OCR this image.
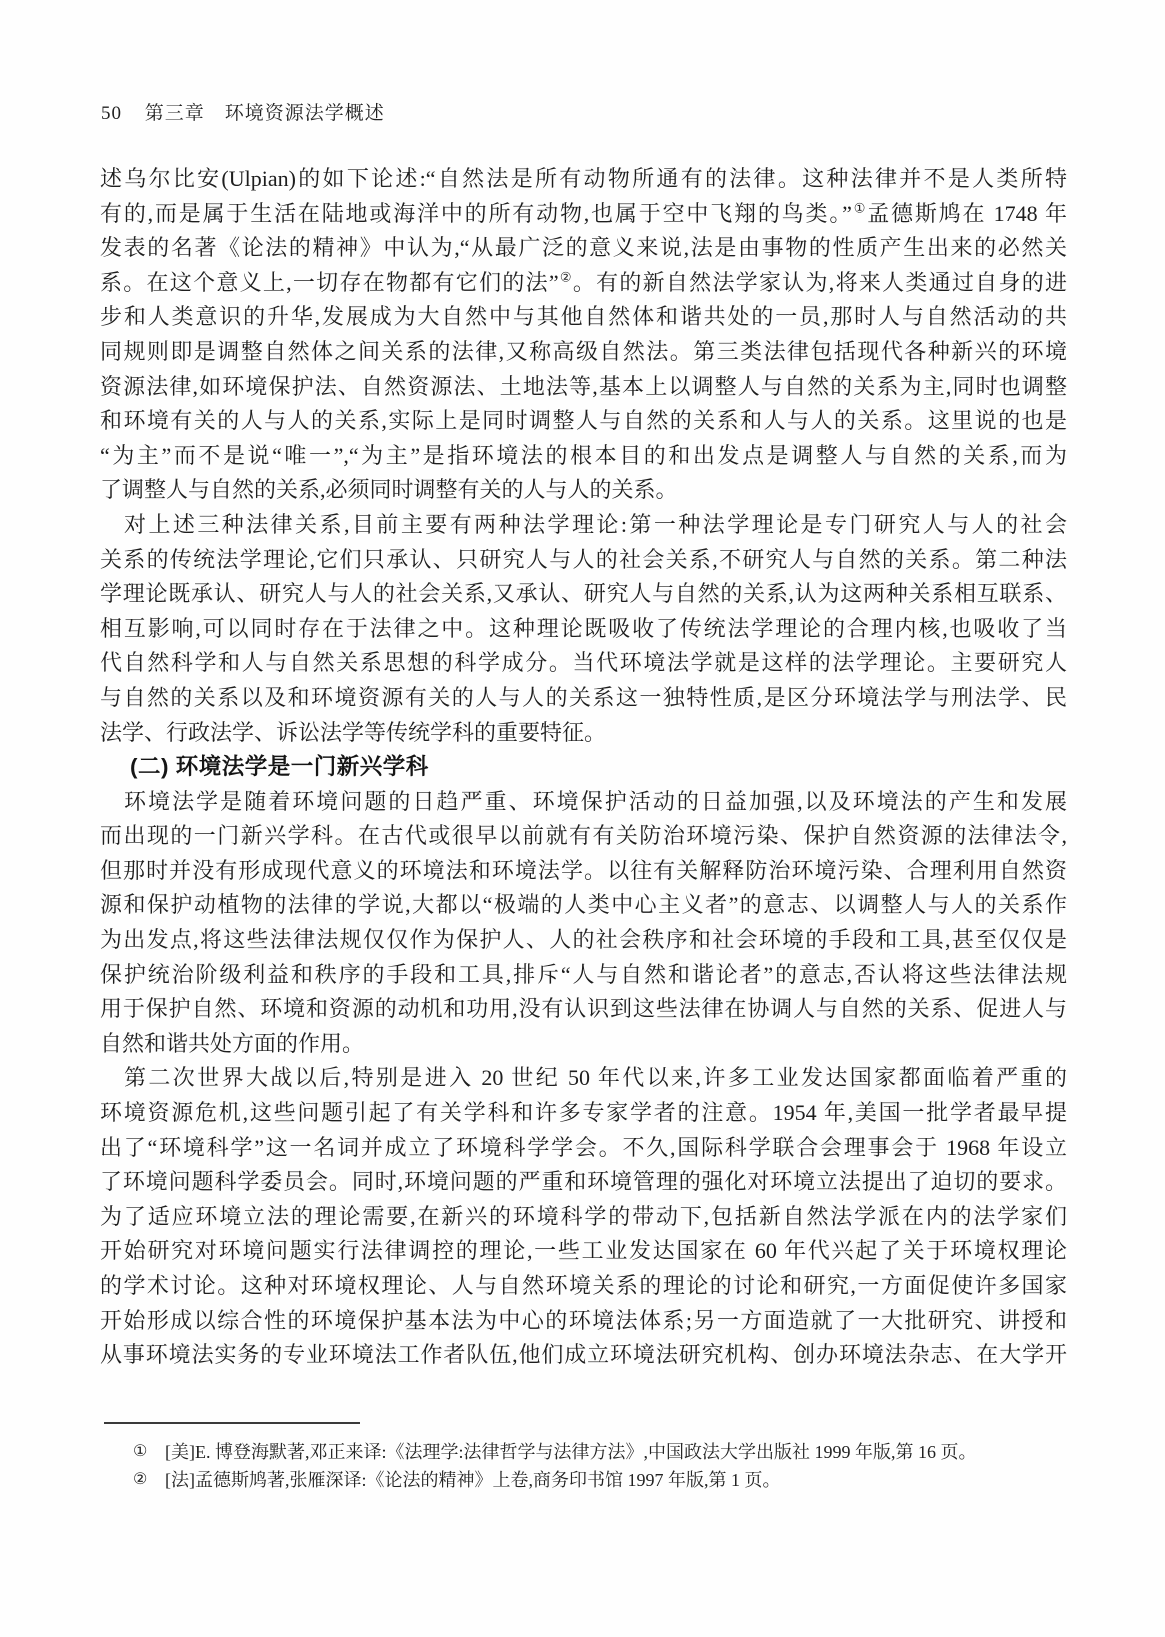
50 第三章　环境资源法学概述
述乌尔比安(Ulpian)的如下论述:“自然法是所有动物所通有的法律。这种法律并不是人类所特
有的,而是属于生活在陆地或海洋中的所有动物,也属于空中飞翔的鸟类。”①孟德斯鸠在 1748 年
发表的名著《论法的精神》中认为,“从最广泛的意义来说,法是由事物的性质产生出来的必然关
系。在这个意义上,一切存在物都有它们的法”②。有的新自然法学家认为,将来人类通过自身的进
步和人类意识的升华,发展成为大自然中与其他自然体和谐共处的一员,那时人与自然活动的共
同规则即是调整自然体之间关系的法律,又称高级自然法。第三类法律包括现代各种新兴的环境
资源法律,如环境保护法、自然资源法、土地法等,基本上以调整人与自然的关系为主,同时也调整
和环境有关的人与人的关系,实际上是同时调整人与自然的关系和人与人的关系。这里说的也是
“为主”而不是说“唯一”,“为主”是指环境法的根本目的和出发点是调整人与自然的关系,而为
了调整人与自然的关系,必须同时调整有关的人与人的关系。
对上述三种法律关系,目前主要有两种法学理论:第一种法学理论是专门研究人与人的社会
关系的传统法学理论,它们只承认、只研究人与人的社会关系,不研究人与自然的关系。第二种法
学理论既承认、研究人与人的社会关系,又承认、研究人与自然的关系,认为这两种关系相互联系、
相互影响,可以同时存在于法律之中。这种理论既吸收了传统法学理论的合理内核,也吸收了当
代自然科学和人与自然关系思想的科学成分。当代环境法学就是这样的法学理论。主要研究人
与自然的关系以及和环境资源有关的人与人的关系这一独特性质,是区分环境法学与刑法学、民
法学、行政法学、诉讼法学等传统学科的重要特征。
(二) 环境法学是一门新兴学科
环境法学是随着环境问题的日趋严重、环境保护活动的日益加强,以及环境法的产生和发展
而出现的一门新兴学科。在古代或很早以前就有有关防治环境污染、保护自然资源的法律法令,
但那时并没有形成现代意义的环境法和环境法学。以往有关解释防治环境污染、合理利用自然资
源和保护动植物的法律的学说,大都以“极端的人类中心主义者”的意志、以调整人与人的关系作
为出发点,将这些法律法规仅仅作为保护人、人的社会秩序和社会环境的手段和工具,甚至仅仅是
保护统治阶级利益和秩序的手段和工具,排斥“人与自然和谐论者”的意志,否认将这些法律法规
用于保护自然、环境和资源的动机和功用,没有认识到这些法律在协调人与自然的关系、促进人与
自然和谐共处方面的作用。
第二次世界大战以后,特别是进入 20 世纪 50 年代以来,许多工业发达国家都面临着严重的
环境资源危机,这些问题引起了有关学科和许多专家学者的注意。1954 年,美国一批学者最早提
出了“环境科学”这一名词并成立了环境科学学会。不久,国际科学联合会理事会于 1968 年设立
了环境问题科学委员会。同时,环境问题的严重和环境管理的强化对环境立法提出了迫切的要求。
为了适应环境立法的理论需要,在新兴的环境科学的带动下,包括新自然法学派在内的法学家们
开始研究对环境问题实行法律调控的理论,一些工业发达国家在 60 年代兴起了关于环境权理论
的学术讨论。这种对环境权理论、人与自然环境关系的理论的讨论和研究,一方面促使许多国家
开始形成以综合性的环境保护基本法为中心的环境法体系;另一方面造就了一大批研究、讲授和
从事环境法实务的专业环境法工作者队伍,他们成立环境法研究机构、创办环境法杂志、在大学开
① [美]E. 博登海默著,邓正来译:《法理学:法律哲学与法律方法》,中国政法大学出版社 1999 年版,第 16 页。
② [法]孟德斯鸠著,张雁深译:《论法的精神》上卷,商务印书馆 1997 年版,第 1 页。
